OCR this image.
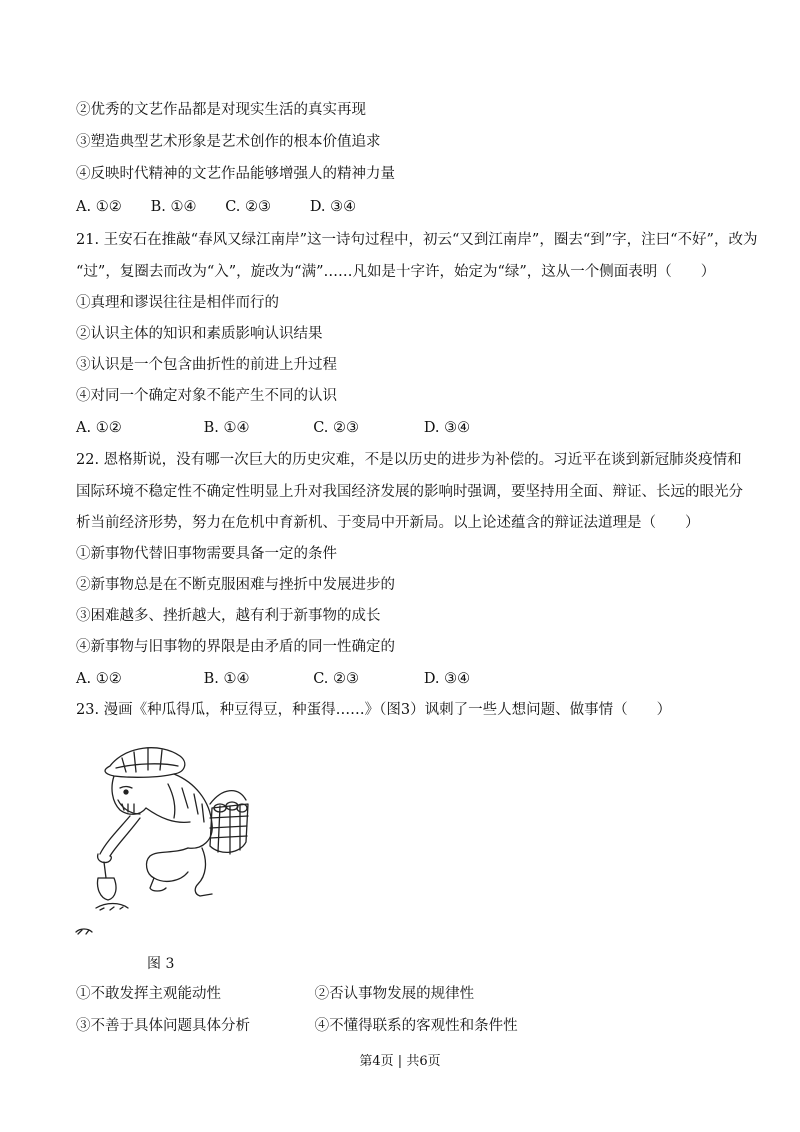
②优秀的文艺作品都是对现实生活的真实再现
③塑造典型艺术形象是艺术创作的根本价值追求
④反映时代精神的文艺作品能够增强人的精神力量
A. ①② B. ①④ C. ②③	D. ③④
21. 王安石在推敲“春风又绿江南岸”这一诗句过程中，初云“又到江南岸”，圈去“到”字，注曰“不好”，改为
“过”，复圈去而改为“入”，旋改为“满”……凡如是十字许，始定为“绿”，这从一个侧面表明（　　）
①真理和谬误往往是相伴而行的
②认识主体的知识和素质影响认识结果
③认识是一个包含曲折性的前进上升过程
④对同一个确定对象不能产生不同的认识
A. ①②	B. ①④	C. ②③	D. ③④
22. 恩格斯说，没有哪一次巨大的历史灾难，不是以历史的进步为补偿的。习近平在谈到新冠肺炎疫情和
国际环境不稳定性不确定性明显上升对我国经济发展的影响时强调，要坚持用全面、辩证、长远的眼光分
析当前经济形势，努力在危机中育新机、于变局中开新局。以上论述蕴含的辩证法道理是（　　）
①新事物代替旧事物需要具备一定的条件
②新事物总是在不断克服困难与挫折中发展进步的
③困难越多、挫折越大，越有利于新事物的成长
④新事物与旧事物的界限是由矛盾的同一性确定的
A. ①②	B. ①④	C. ②③	D. ③④
23. 漫画《种瓜得瓜，种豆得豆，种蛋得……》（图3）讽刺了一些人想问题、做事情（　　）
图 3
①不敢发挥主观能动性	②否认事物发展的规律性
③不善于具体问题具体分析	④不懂得联系的客观性和条件性
第4页 | 共6页
